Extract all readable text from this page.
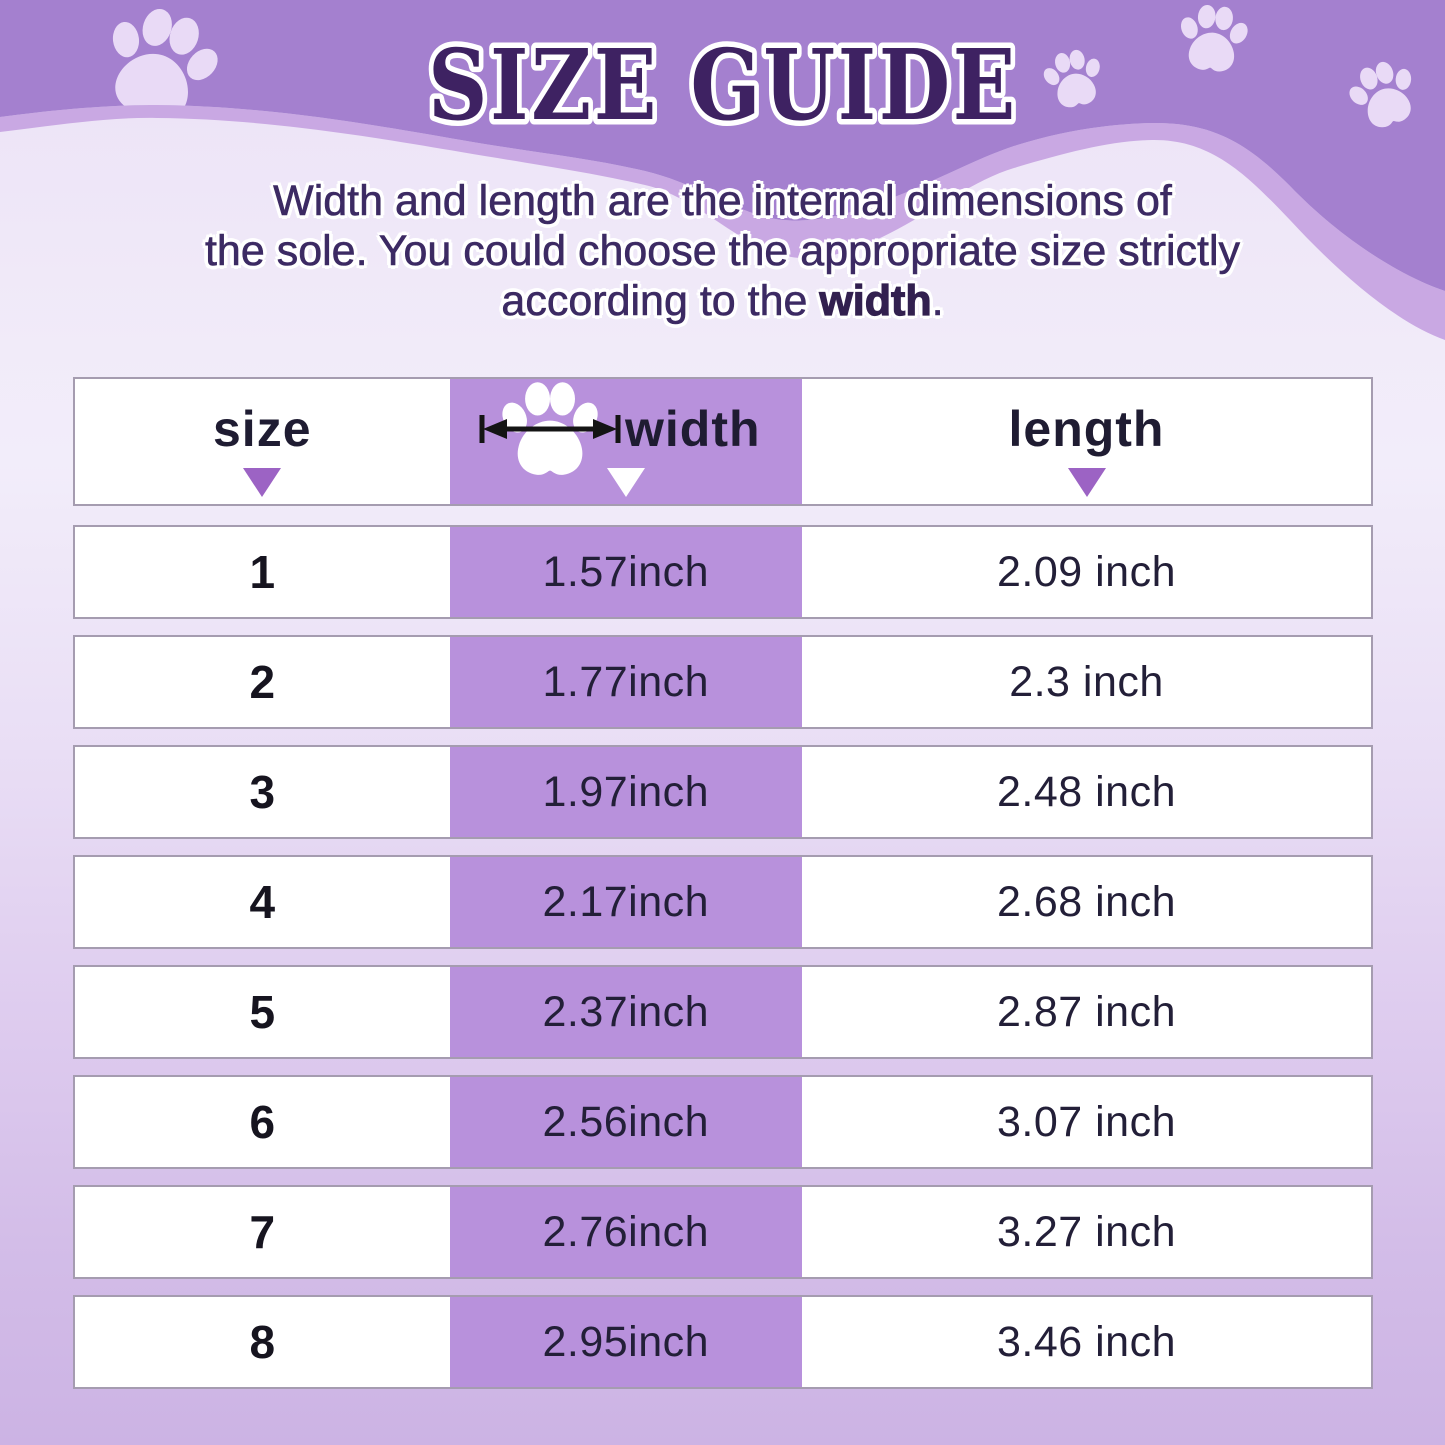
SIZE GUIDE
Width and length are the internal dimensions of
the sole. You could choose the appropriate size strictly
according to the width.
size	width	length
1	1.57inch	2.09 inch
2	1.77inch	2.3 inch
3	1.97inch	2.48 inch
4	2.17inch	2.68 inch
5	2.37inch	2.87 inch
6	2.56inch	3.07 inch
7	2.76inch	3.27 inch
8	2.95inch	3.46 inch
